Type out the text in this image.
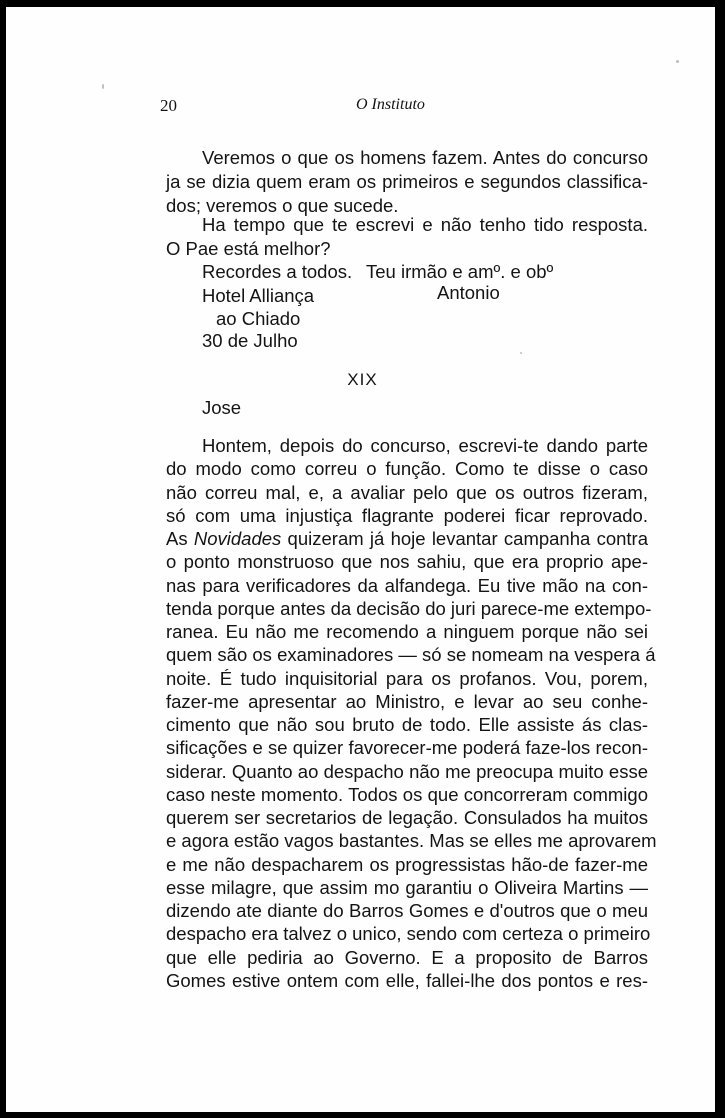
20	O Instituto
Veremos o que os homens fazem. Antes do concurso
ja se dizia quem eram os primeiros e segundos classifica-
dos; veremos o que sucede.
Ha tempo que te escrevi e não tenho tido resposta.
O Pae está melhor?
Recordes a todos. Teu irmão e amº. e obº
Hotel Alliança	Antonio
ao Chiado
30 de Julho
XIX
Jose
Hontem, depois do concurso, escrevi-te dando parte
do modo como correu o função. Como te disse o caso
não correu mal, e, a avaliar pelo que os outros fizeram,
só com uma injustiça flagrante poderei ficar reprovado.
As Novidades quizeram já hoje levantar campanha contra
o ponto monstruoso que nos sahiu, que era proprio ape-
nas para verificadores da alfandega. Eu tive mão na con-
tenda porque antes da decisão do juri parece-me extempo-
ranea. Eu não me recomendo a ninguem porque não sei
quem são os examinadores — só se nomeam na vespera á
noite. É tudo inquisitorial para os profanos. Vou, porem,
fazer-me apresentar ao Ministro, e levar ao seu conhe-
cimento que não sou bruto de todo. Elle assiste ás clas-
sificações e se quizer favorecer-me poderá faze-los recon-
siderar. Quanto ao despacho não me preocupa muito esse
caso neste momento. Todos os que concorreram commigo
querem ser secretarios de legação. Consulados ha muitos
e agora estão vagos bastantes. Mas se elles me aprovarem
e me não despacharem os progressistas hão-de fazer-me
esse milagre, que assim mo garantiu o Oliveira Martins —
dizendo ate diante do Barros Gomes e d'outros que o meu
despacho era talvez o unico, sendo com certeza o primeiro
que elle pediria ao Governo. E a proposito de Barros
Gomes estive ontem com elle, fallei-lhe dos pontos e res-
